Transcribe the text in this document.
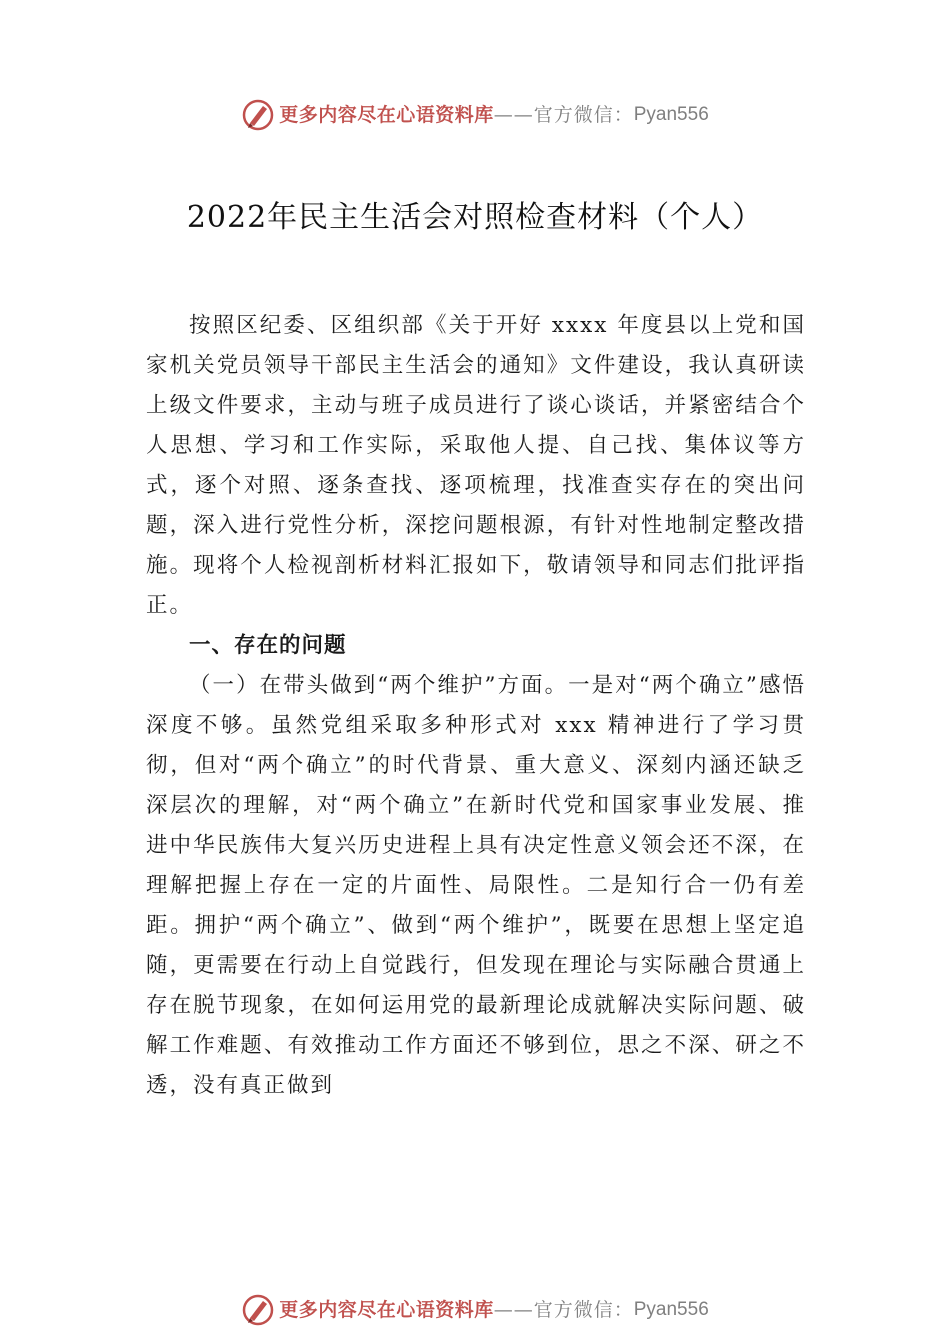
更多内容尽在心语资料库 —— 官方微信： Pyan556
2022年民主生活会对照检查材料（个人）

按照区纪委、区组织部《关于开好 xxxx 年度县以上党和国家机关党员领导干部民主生活会的通知》文件建设，我认真研读上级文件要求，主动与班子成员进行了谈心谈话，并紧密结合个人思想、学习和工作实际，采取他人提、自己找、集体议等方式，逐个对照、逐条查找、逐项梳理，找准查实存在的突出问题，深入进行党性分析，深挖问题根源，有针对性地制定整改措施。现将个人检视剖析材料汇报如下，敬请领导和同志们批评指正。

一、存在的问题

（一）在带头做到“两个维护”方面。一是对“两个确立”感悟深度不够。虽然党组采取多种形式对 xxx 精神进行了学习贯彻，但对“两个确立”的时代背景、重大意义、深刻内涵还缺乏深层次的理解，对“两个确立”在新时代党和国家事业发展、推进中华民族伟大复兴历史进程上具有决定性意义领会还不深，在理解把握上存在一定的片面性、局限性。二是知行合一仍有差距。拥护“两个确立”、做到“两个维护”，既要在思想上坚定追随，更需要在行动上自觉践行，但发现在理论与实际融合贯通上存在脱节现象，在如何运用党的最新理论成就解决实际问题、破解工作难题、有效推动工作方面还不够到位，思之不深、研之不透，没有真正做到

更多内容尽在心语资料库 —— 官方微信： Pyan556
